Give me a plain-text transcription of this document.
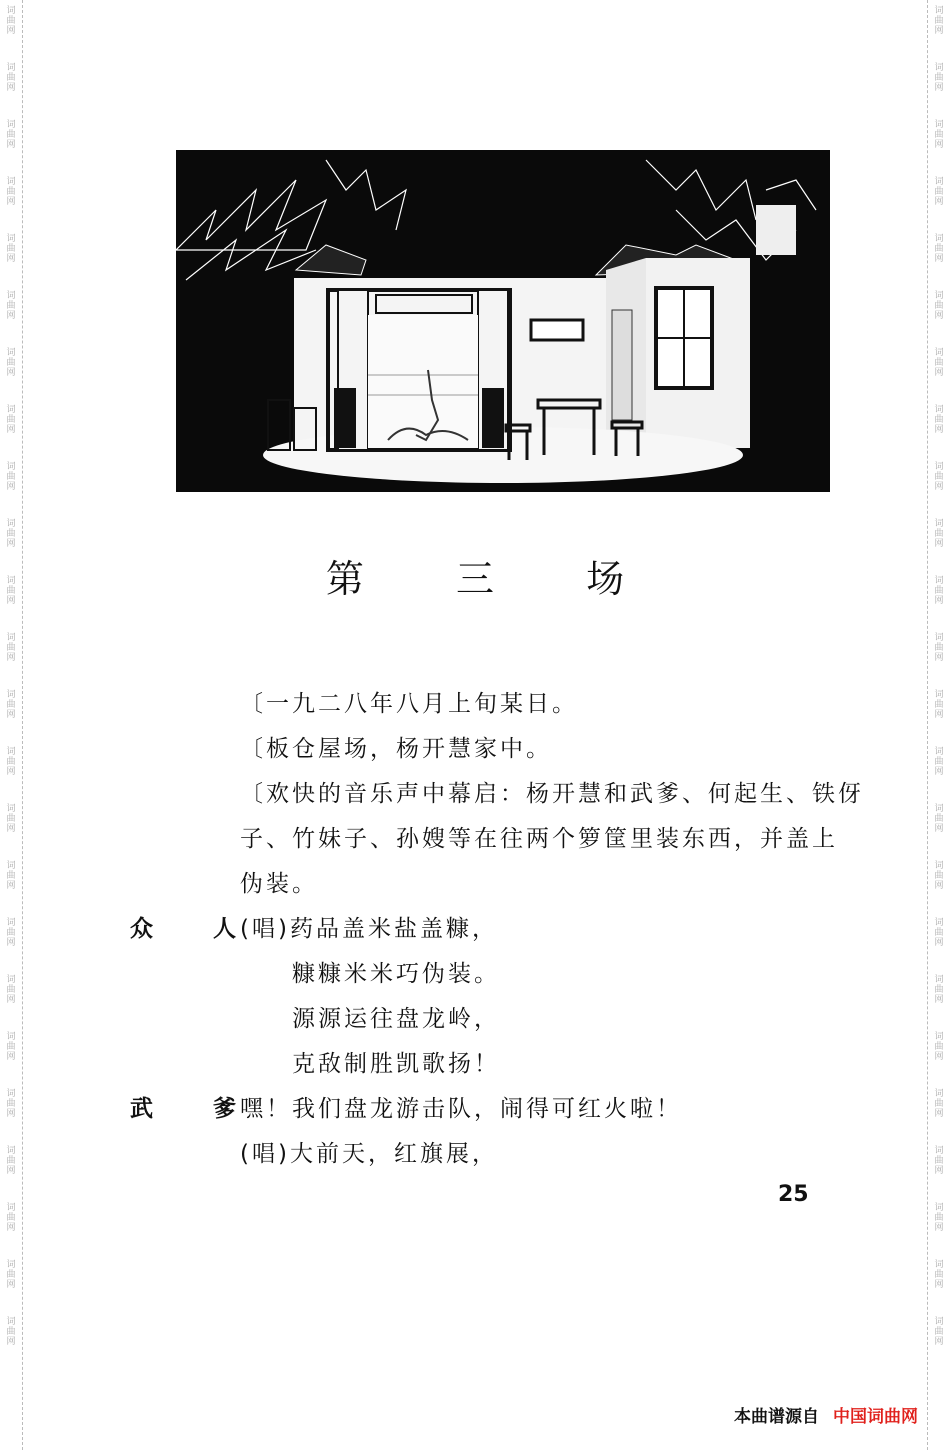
词
曲
网
词
曲
网
词
曲
网
词
曲
网
词
曲
网
词
曲
网
词
曲
网
词
曲
网
词
曲
网
词
曲
网
词
曲
网
词
曲
网
词
曲
网
词
曲
网
词
曲
网
词
曲
网
词
曲
网
词
曲
网
词
曲
网
词
曲
网
词
曲
网
词
曲
网
词
曲
网
词
曲
网
词
曲
网
词
曲
网
词
曲
网
词
曲
网
词
曲
网
词
曲
网
词
曲
网
词
曲
网
词
曲
网
词
曲
网
词
曲
网
词
曲
网
词
曲
网
词
曲
网
词
曲
网
词
曲
网
词
曲
网
词
曲
网
词
曲
网
词
曲
网
词
曲
网
词
曲
网
词
曲
网
词
曲
网
第 三 场
〔一九二八年八月上旬某日。
〔板仓屋场，杨开慧家中。
〔欢快的音乐声中幕启：杨开慧和武爹、何起生、铁伢
子、竹妹子、孙嫂等在往两个箩筐里装东西，并盖上
伪装。
众 人
(唱)药品盖米盐盖糠，
糠糠米米巧伪装。
源源运往盘龙岭，
克敌制胜凯歌扬！
武 爹
嘿！我们盘龙游击队，闹得可红火啦！
(唱)大前天，红旗展，
25
本曲谱源自 中国词曲网
